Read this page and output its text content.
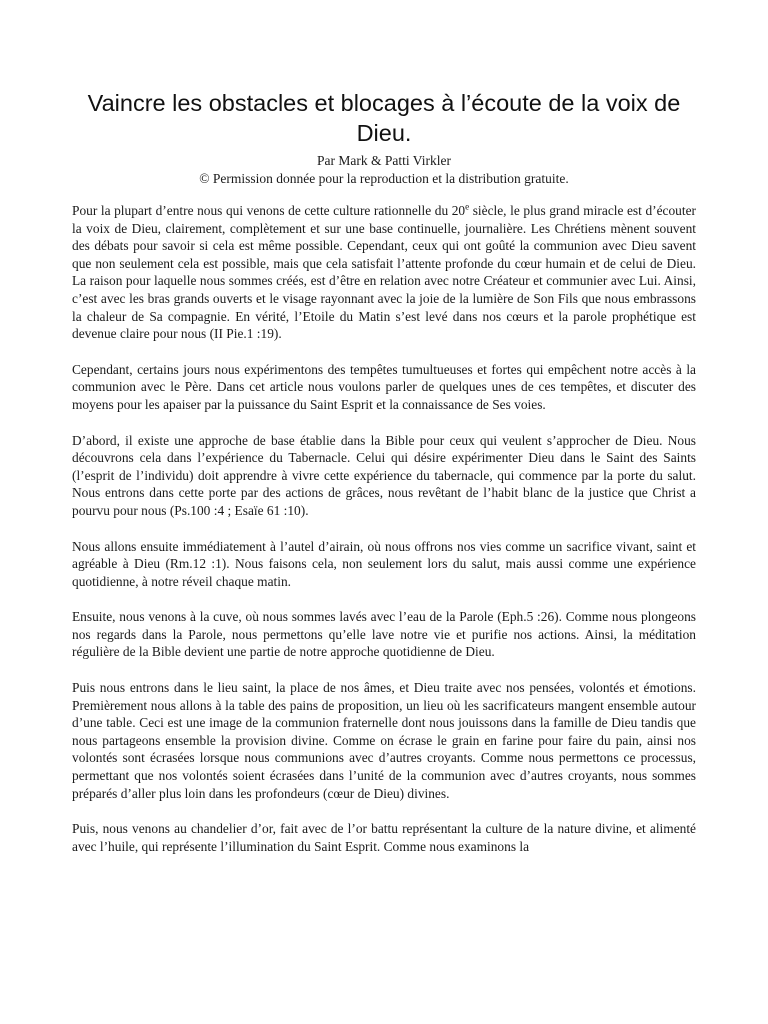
Vaincre les obstacles et blocages à l’écoute de la voix de Dieu.
Par Mark & Patti Virkler
© Permission donnée pour la reproduction et la distribution gratuite.

Pour la plupart d’entre nous qui venons de cette culture rationnelle du 20e siècle, le plus grand miracle est d’écouter la voix de Dieu, clairement, complètement et sur une base continuelle, journalière. Les Chrétiens mènent souvent des débats pour savoir si cela est même possible. Cependant, ceux qui ont goûté la communion avec Dieu savent que non seulement cela est possible, mais que cela satisfait l’attente profonde du cœur humain et de celui de Dieu. La raison pour laquelle nous sommes créés, est d’être en relation avec notre Créateur et communier avec Lui. Ainsi, c’est avec les bras grands ouverts et le visage rayonnant avec la joie de la lumière de Son Fils que nous embrassons la chaleur de Sa compagnie. En vérité, l’Etoile du Matin s’est levé dans nos cœurs et la parole prophétique est devenue claire pour nous (II Pie.1 :19).

Cependant, certains jours nous expérimentons des tempêtes tumultueuses et fortes qui empêchent notre accès à la communion avec le Père. Dans cet article nous voulons parler de quelques unes de ces tempêtes, et discuter des moyens pour les apaiser par la puissance du Saint Esprit et la connaissance de Ses voies.

D’abord, il existe une approche de base établie dans la Bible pour ceux qui veulent s’approcher de Dieu. Nous découvrons cela dans l’expérience du Tabernacle. Celui qui désire expérimenter Dieu dans le Saint des Saints (l’esprit de l’individu) doit apprendre à vivre cette expérience du tabernacle, qui commence par la porte du salut. Nous entrons dans cette porte par des actions de grâces, nous revêtant de l’habit blanc de la justice que Christ a pourvu pour nous (Ps.100 :4 ; Esaïe 61 :10).

Nous allons ensuite immédiatement à l’autel d’airain, où nous offrons nos vies comme un sacrifice vivant, saint et agréable à Dieu (Rm.12 :1). Nous faisons cela, non seulement lors du salut, mais aussi comme une expérience quotidienne, à notre réveil chaque matin.

Ensuite, nous venons à la cuve, où nous sommes lavés avec l’eau de la Parole (Eph.5 :26). Comme nous plongeons nos regards dans la Parole, nous permettons qu’elle lave notre vie et purifie nos actions. Ainsi, la méditation régulière de la Bible devient une partie de notre approche quotidienne de Dieu.

Puis nous entrons dans le lieu saint, la place de nos âmes, et Dieu traite avec nos pensées, volontés et émotions. Premièrement nous allons à la table des pains de proposition, un lieu où les sacrificateurs mangent ensemble autour d’une table. Ceci est une image de la communion fraternelle dont nous jouissons dans la famille de Dieu tandis que nous partageons ensemble la provision divine. Comme on écrase le grain en farine pour faire du pain, ainsi nos volontés sont écrasées lorsque nous communions avec d’autres croyants. Comme nous permettons ce processus, permettant que nos volontés soient écrasées dans l’unité de la communion avec d’autres croyants, nous sommes préparés d’aller plus loin dans les profondeurs (cœur de Dieu) divines.

Puis, nous venons au chandelier d’or, fait avec de l’or battu représentant la culture de la nature divine, et alimenté avec l’huile, qui représente l’illumination du Saint Esprit. Comme nous examinons la
